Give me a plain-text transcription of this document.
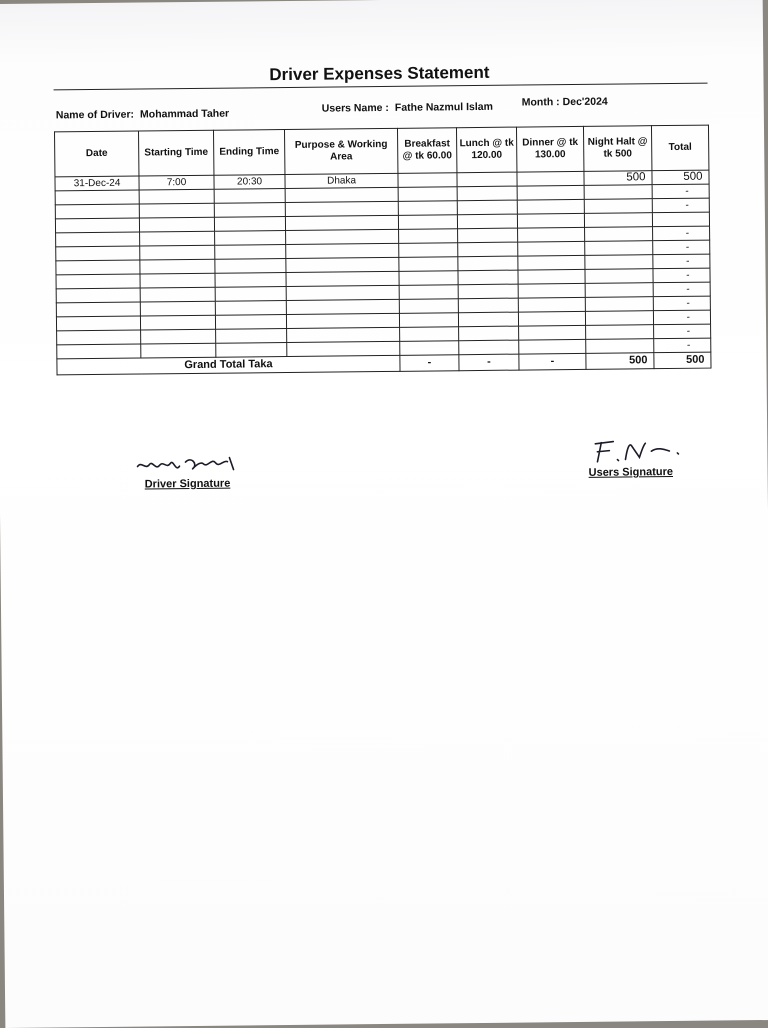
Driver Expenses Statement
Name of Driver: Mohammad Taher	Users Name : Fathe Nazmul Islam	Month : Dec'2024
Date	Starting Time	Ending Time	Purpose & Working Area	Breakfast @ tk 60.00	Lunch @ tk 120.00	Dinner @ tk 130.00	Night Halt @ tk 500	Total
31-Dec-24	7:00	20:30	Dhaka				500	500
								-
								-

								-
								-
								-
								-
								-
								-
								-
								-
								-
Grand Total Taka				-	-	-	500	500
Driver Signature
Users Signature
